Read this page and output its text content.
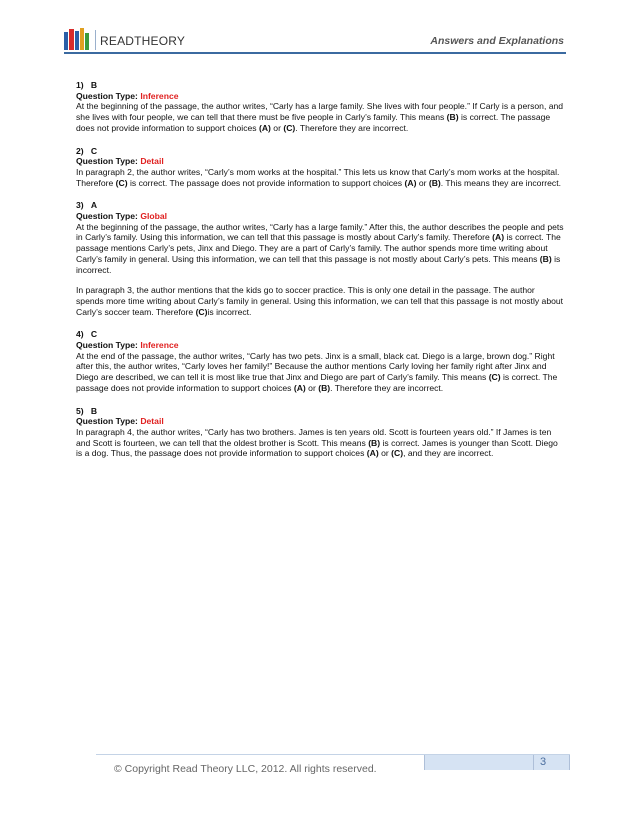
READTHEORY	Answers and Explanations
1) B
Question Type: Inference

At the beginning of the passage, the author writes, “Carly has a large family. She lives with four people.” If Carly is a person, and she lives with four people, we can tell that there must be five people in Carly’s family. This means (B) is correct. The passage does not provide information to support choices (A) or (C). Therefore they are incorrect.

2) C
Question Type: Detail

In paragraph 2, the author writes, “Carly’s mom works at the hospital.” This lets us know that Carly’s mom works at the hospital. Therefore (C) is correct. The passage does not provide information to support choices (A) or (B). This means they are incorrect.

3) A
Question Type: Global

At the beginning of the passage, the author writes, “Carly has a large family.” After this, the author describes the people and pets in Carly’s family. Using this information, we can tell that this passage is mostly about Carly’s family. Therefore (A) is correct. The passage mentions Carly’s pets, Jinx and Diego. They are a part of Carly’s family. The author spends more time writing about Carly’s family in general. Using this information, we can tell that this passage is not mostly about Carly’s pets. This means (B) is incorrect.

In paragraph 3, the author mentions that the kids go to soccer practice. This is only one detail in the passage. The author spends more time writing about Carly’s family in general. Using this information, we can tell that this passage is not mostly about Carly’s soccer team. Therefore (C)is incorrect.

4) C
Question Type: Inference

At the end of the passage, the author writes, “Carly has two pets. Jinx is a small, black cat. Diego is a large, brown dog.” Right after this, the author writes, “Carly loves her family!” Because the author mentions Carly loving her family right after Jinx and Diego are described, we can tell it is most like true that Jinx and Diego are part of Carly’s family. This means (C) is correct. The passage does not provide information to support choices (A) or (B). Therefore they are incorrect.

5) B
Question Type: Detail

In paragraph 4, the author writes, “Carly has two brothers. James is ten years old. Scott is fourteen years old.” If James is ten and Scott is fourteen, we can tell that the oldest brother is Scott. This means (B) is correct. James is younger than Scott. Diego is a dog. Thus, the passage does not provide information to support choices (A) or (C), and they are incorrect.

3
© Copyright Read Theory LLC, 2012. All rights reserved.
